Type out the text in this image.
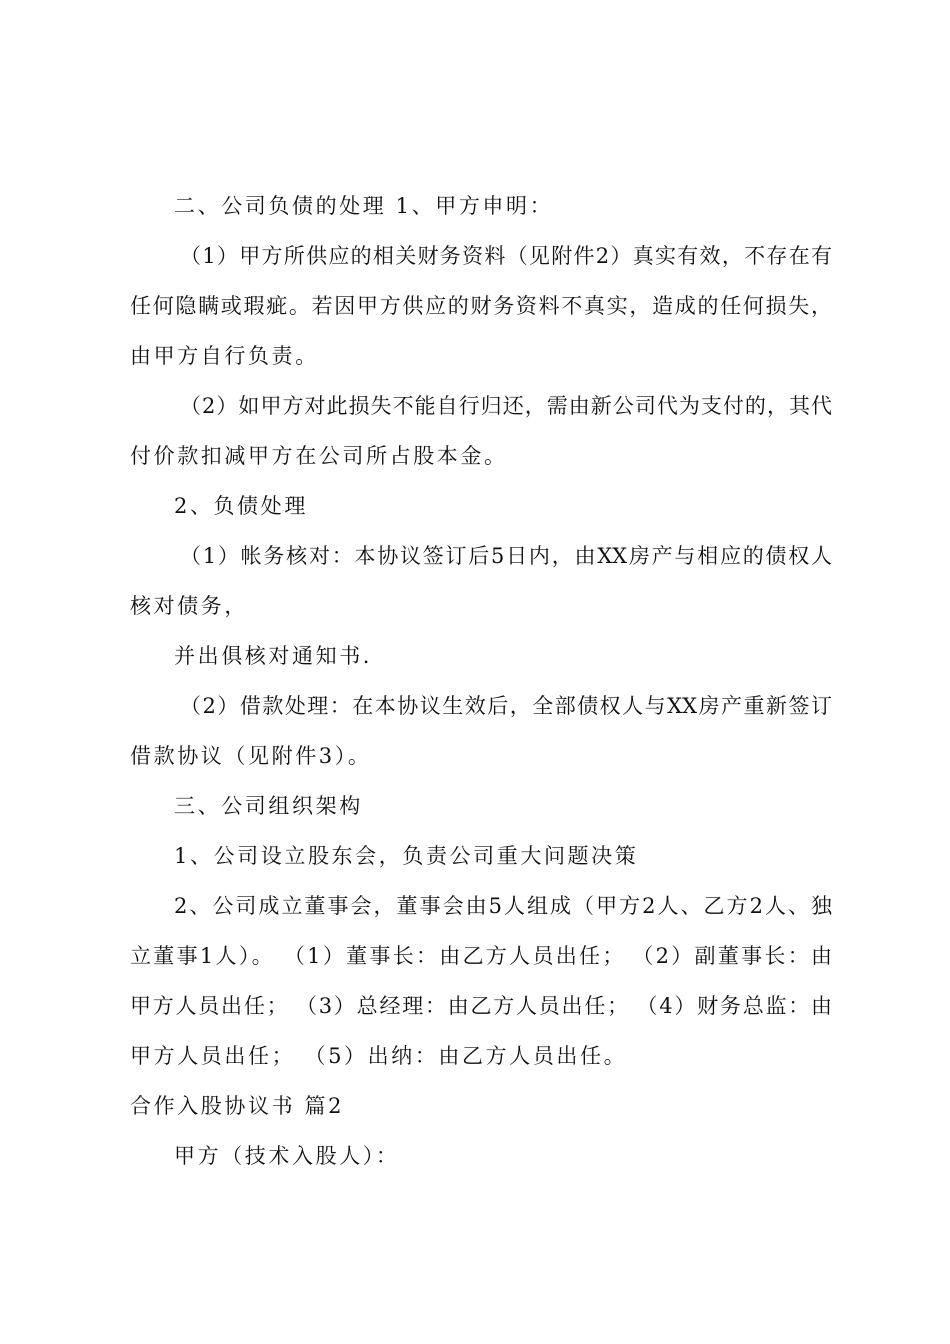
二、公司负债的处理 1、甲方申明：
（1）甲方所供应的相关财务资料（见附件2）真实有效，不存在有
任何隐瞒或瑕疵。若因甲方供应的财务资料不真实，造成的任何损失，
由甲方自行负责。
（2）如甲方对此损失不能自行归还，需由新公司代为支付的，其代
付价款扣减甲方在公司所占股本金。
2、负债处理
（1）帐务核对：本协议签订后5日内，由XX房产与相应的债权人
核对债务，
并出俱核对通知书.
（2）借款处理：在本协议生效后，全部债权人与XX房产重新签订
借款协议（见附件3）。
三、公司组织架构
1、公司设立股东会，负责公司重大问题决策
2、公司成立董事会，董事会由5人组成（甲方2人、乙方2人、独
立董事1人）。 （1）董事长：由乙方人员出任； （2）副董事长：由
甲方人员出任； （3）总经理：由乙方人员出任； （4）财务总监：由
甲方人员出任； （5）出纳：由乙方人员出任。
合作入股协议书 篇2
甲方（技术入股人）：
